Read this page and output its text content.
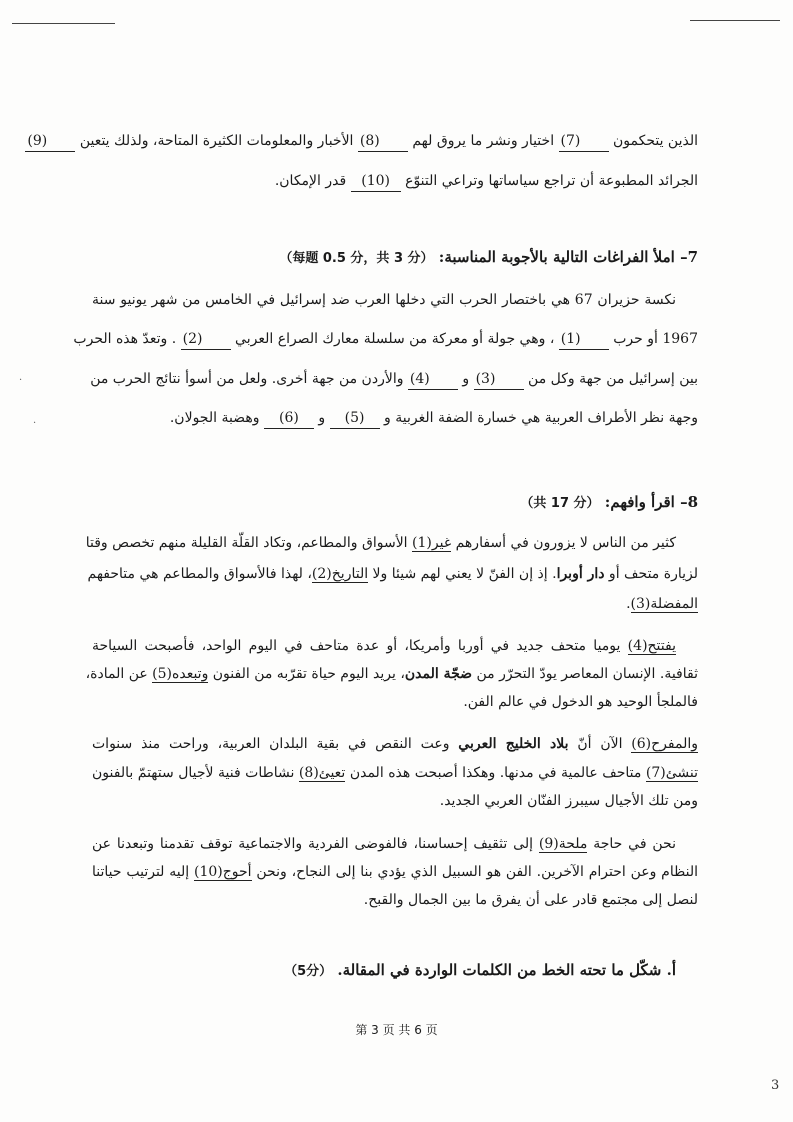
الذين يتحكمون (7) اختيار ونشر ما يروق لهم (8) الأخبار والمعلومات الكثيرة المتاحة، ولذلك يتعين (9)
الجرائد المطبوعة أن تراجع سياساتها وتراعي التنوّع (10) قدر الإمكان.
7– املأ الفراغات التالية بالأجوبة المناسبة: （每题 0.5 分，共 3 分）
نكسة حزيران 67 هي باختصار الحرب التي دخلها العرب ضد إسرائيل في الخامس من شهر يونيو سنة
1967 أو حرب (1) ، وهي جولة أو معركة من سلسلة معارك الصراع العربي (2) . وتعدّ هذه الحرب
بين إسرائيل من جهة وكل من (3) و (4) والأردن من جهة أخرى. ولعل من أسوأ نتائج الحرب من
وجهة نظر الأطراف العربية هي خسارة الضفة الغربية و (5) و (6) وهضبة الجولان.
8– اقرأ وافهم: （共 17 分）
كثير من الناس لا يزورون في أسفارهم غير(1) الأسواق والمطاعم، وتكاد القلّة القليلة منهم تخصص وقتا
لزيارة متحف أو دار أوبرا. إذ إن الفنّ لا يعني لهم شيئا ولا التاريخ(2)، لهذا فالأسواق والمطاعم هي متاحفهم
المفضلة(3).
يفتتح(4) يوميا متحف جديد في أوربا وأمريكا، أو عدة متاحف في اليوم الواحد، فأصبحت السياحة
ثقافية. الإنسان المعاصر يودّ التحرّر من ضجّة المدن، يريد اليوم حياة تقرّبه من الفنون وتبعده(5) عن المادة،
فالملجأ الوحيد هو الدخول في عالم الفن.
والمفرح(6) الآن أنّ بلاد الخليج العربي وعت النقص في بقية البلدان العربية، وراحت منذ سنوات
تنشئ(7) متاحف عالمية في مدنها. وهكذا أصبحت هذه المدن تعيئ(8) نشاطات فنية لأجيال ستهتمّ بالفنون
ومن تلك الأجيال سيبرز الفنّان العربي الجديد.
نحن في حاجة ملحة(9) إلى تثقيف إحساسنا، فالفوضى الفردية والاجتماعية توقف تقدمنا وتبعدنا عن
النظام وعن احترام الآخرين. الفن هو السبيل الذي يؤدي بنا إلى النجاح، ونحن أحوج(10) إليه لترتيب حياتنا
لنصل إلى مجتمع قادر على أن يفرق ما بين الجمال والقبح.
أ. شكّل ما تحته الخط من الكلمات الواردة في المقالة. （5分）
第 3 页 共 6 页
3
·
·
